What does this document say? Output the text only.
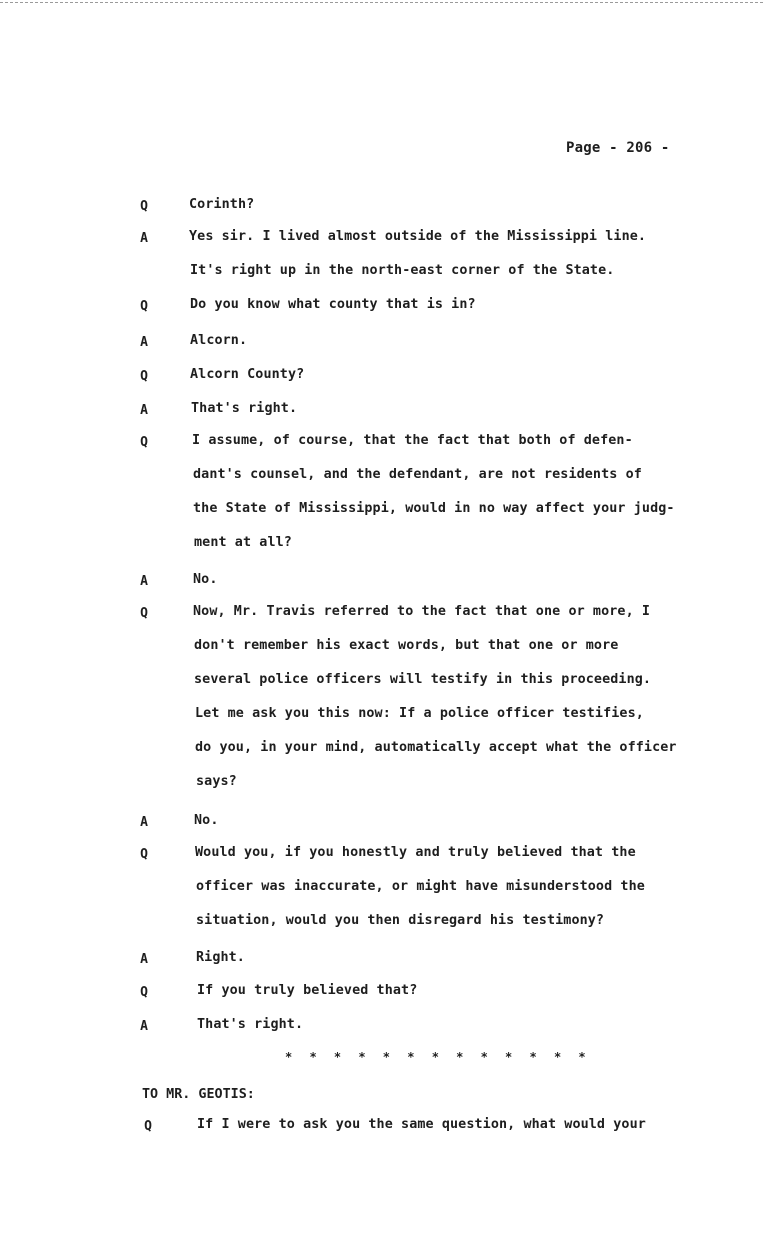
Page - 206 -
Q	Corinth?
A	Yes sir. I lived almost outside of the Mississippi line.
It's right up in the north-east corner of the State.
Q	Do you know what county that is in?
A	Alcorn.
Q	Alcorn County?
A	That's right.
Q	I assume, of course, that the fact that both of defen-
dant's counsel, and the defendant, are not residents of
the State of Mississippi, would in no way affect your judg-
ment at all?
A	No.
Q	Now, Mr. Travis referred to the fact that one or more, I
don't remember his exact words, but that one or more
several police officers will testify in this proceeding.
Let me ask you this now: If a police officer testifies,
do you, in your mind, automatically accept what the officer
says?
A	No.
Q	Would you, if you honestly and truly believed that the
officer was inaccurate, or might have misunderstood the
situation, would you then disregard his testimony?
A	Right.
Q	If you truly believed that?
A	That's right.
* * * * * * * * * * * * *
TO MR. GEOTIS:
Q	If I were to ask you the same question, what would your
